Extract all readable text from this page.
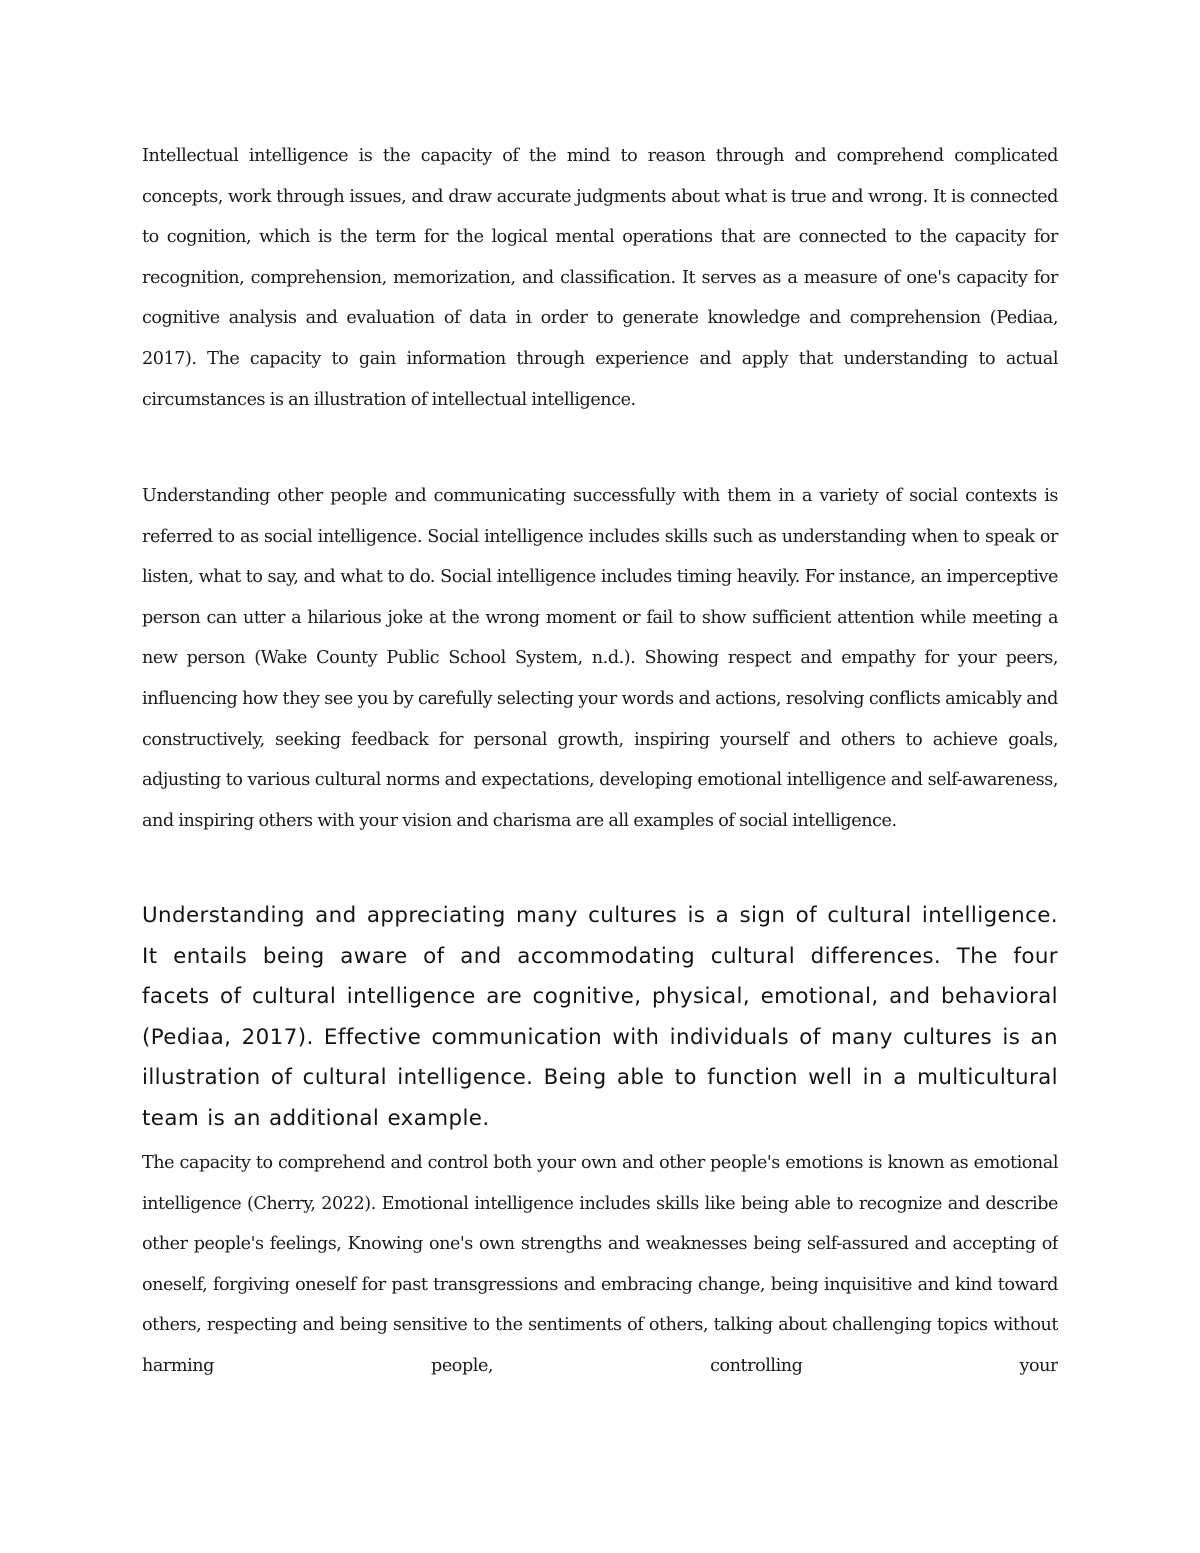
Intellectual intelligence is the capacity of the mind to reason through and comprehend complicated concepts, work through issues, and draw accurate judgments about what is true and wrong. It is connected to cognition, which is the term for the logical mental operations that are connected to the capacity for recognition, comprehension, memorization, and classification. It serves as a measure of one's capacity for cognitive analysis and evaluation of data in order to generate knowledge and comprehension (Pediaa, 2017). The capacity to gain information through experience and apply that understanding to actual circumstances is an illustration of intellectual intelligence.

Understanding other people and communicating successfully with them in a variety of social contexts is referred to as social intelligence. Social intelligence includes skills such as understanding when to speak or listen, what to say, and what to do. Social intelligence includes timing heavily. For instance, an imperceptive person can utter a hilarious joke at the wrong moment or fail to show sufficient attention while meeting a new person (Wake County Public School System, n.d.). Showing respect and empathy for your peers, influencing how they see you by carefully selecting your words and actions, resolving conflicts amicably and constructively, seeking feedback for personal growth, inspiring yourself and others to achieve goals, adjusting to various cultural norms and expectations, developing emotional intelligence and self-awareness, and inspiring others with your vision and charisma are all examples of social intelligence.

Understanding and appreciating many cultures is a sign of cultural intelligence. It entails being aware of and accommodating cultural differences. The four facets of cultural intelligence are cognitive, physical, emotional, and behavioral (Pediaa, 2017). Effective communication with individuals of many cultures is an illustration of cultural intelligence. Being able to function well in a multicultural team is an additional example.

The capacity to comprehend and control both your own and other people's emotions is known as emotional intelligence (Cherry, 2022). Emotional intelligence includes skills like being able to recognize and describe other people's feelings, Knowing one's own strengths and weaknesses being self-assured and accepting of oneself, forgiving oneself for past transgressions and embracing change, being inquisitive and kind toward others, respecting and being sensitive to the sentiments of others, talking about challenging topics without harming people, controlling your
